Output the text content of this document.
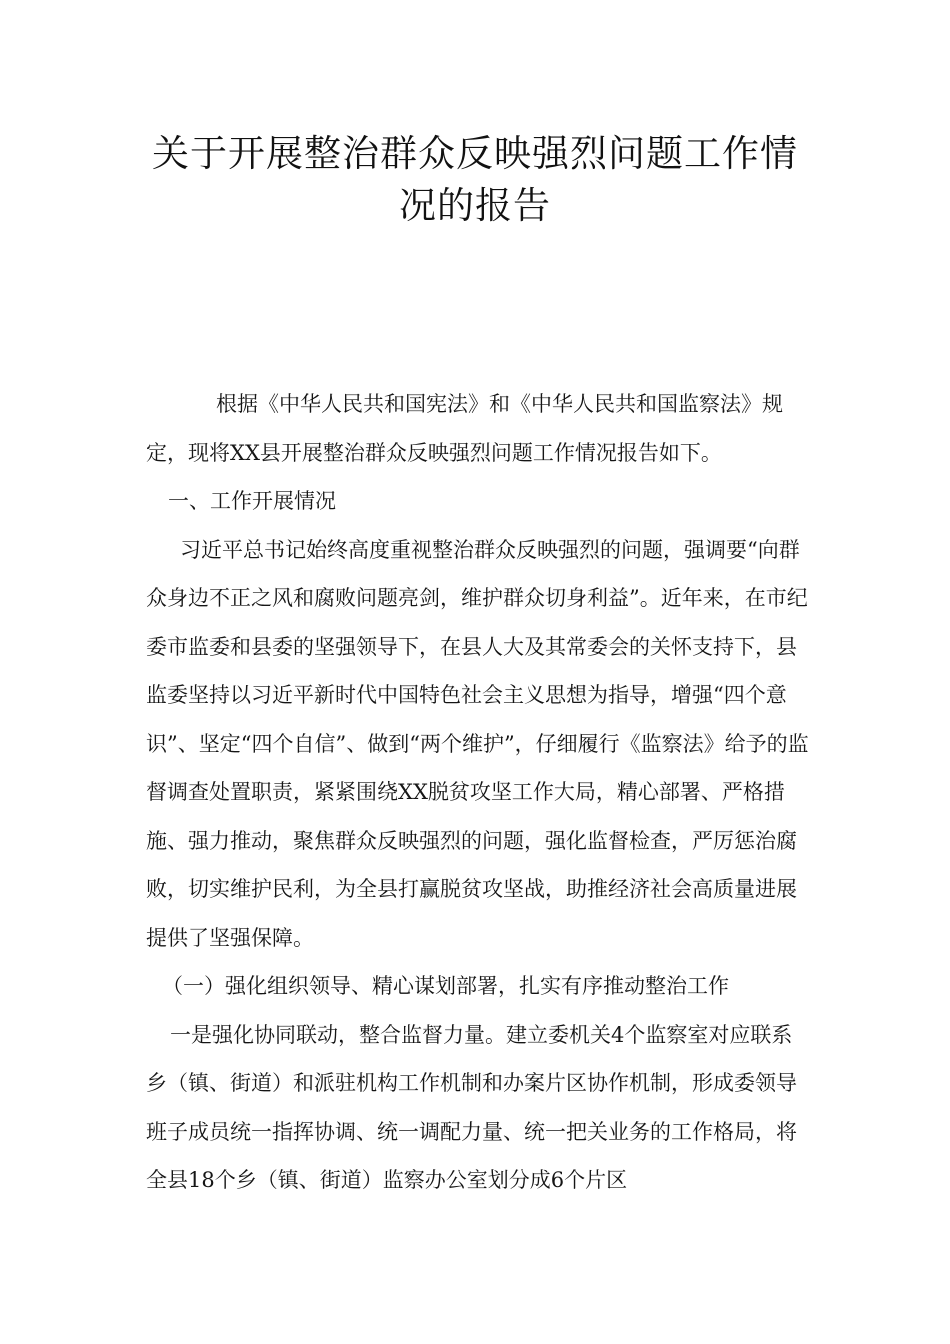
关于开展整治群众反映强烈问题工作情
况的报告

根据《中华人民共和国宪法》和《中华人民共和国监察法》规定，现将XX县开展整治群众反映强烈问题工作情况报告如下。

一、工作开展情况

习近平总书记始终高度重视整治群众反映强烈的问题，强调要“向群众身边不正之风和腐败问题亮剑，维护群众切身利益”。近年来，在市纪委市监委和县委的坚强领导下，在县人大及其常委会的关怀支持下，县监委坚持以习近平新时代中国特色社会主义思想为指导，增强“四个意识”、坚定“四个自信”、做到“两个维护”，仔细履行《监察法》给予的监督调查处置职责，紧紧围绕XX脱贫攻坚工作大局，精心部署、严格措施、强力推动，聚焦群众反映强烈的问题，强化监督检查，严厉惩治腐败，切实维护民利，为全县打赢脱贫攻坚战，助推经济社会高质量进展提供了坚强保障。

（一）强化组织领导、精心谋划部署，扎实有序推动整治工作

一是强化协同联动，整合监督力量。建立委机关4个监察室对应联系乡（镇、街道）和派驻机构工作机制和办案片区协作机制，形成委领导班子成员统一指挥协调、统一调配力量、统一把关业务的工作格局，将全县18个乡（镇、街道）监察办公室划分成6个片区
